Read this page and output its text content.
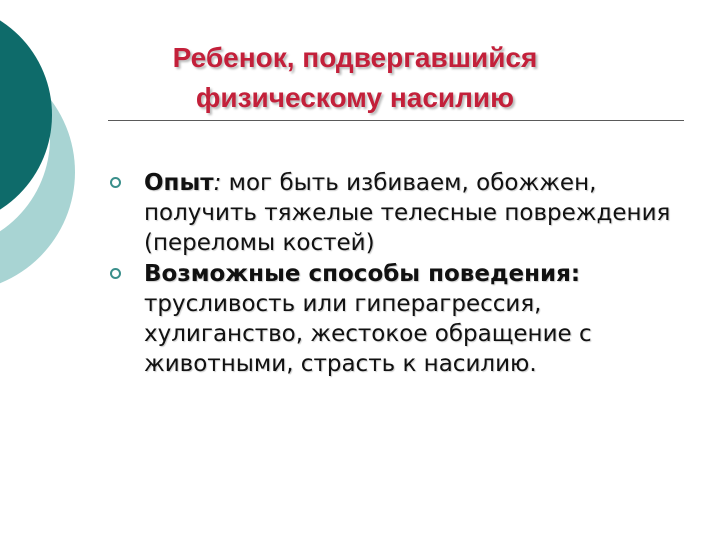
Ребенок, подвергавшийся
физическому насилию
Опыт: мог быть избиваем, обожжен, получить тяжелые телесные повреждения (переломы костей)
Возможные способы поведения: трусливость или гиперагрессия, хулиганство, жестокое обращение с животными, страсть к насилию.
